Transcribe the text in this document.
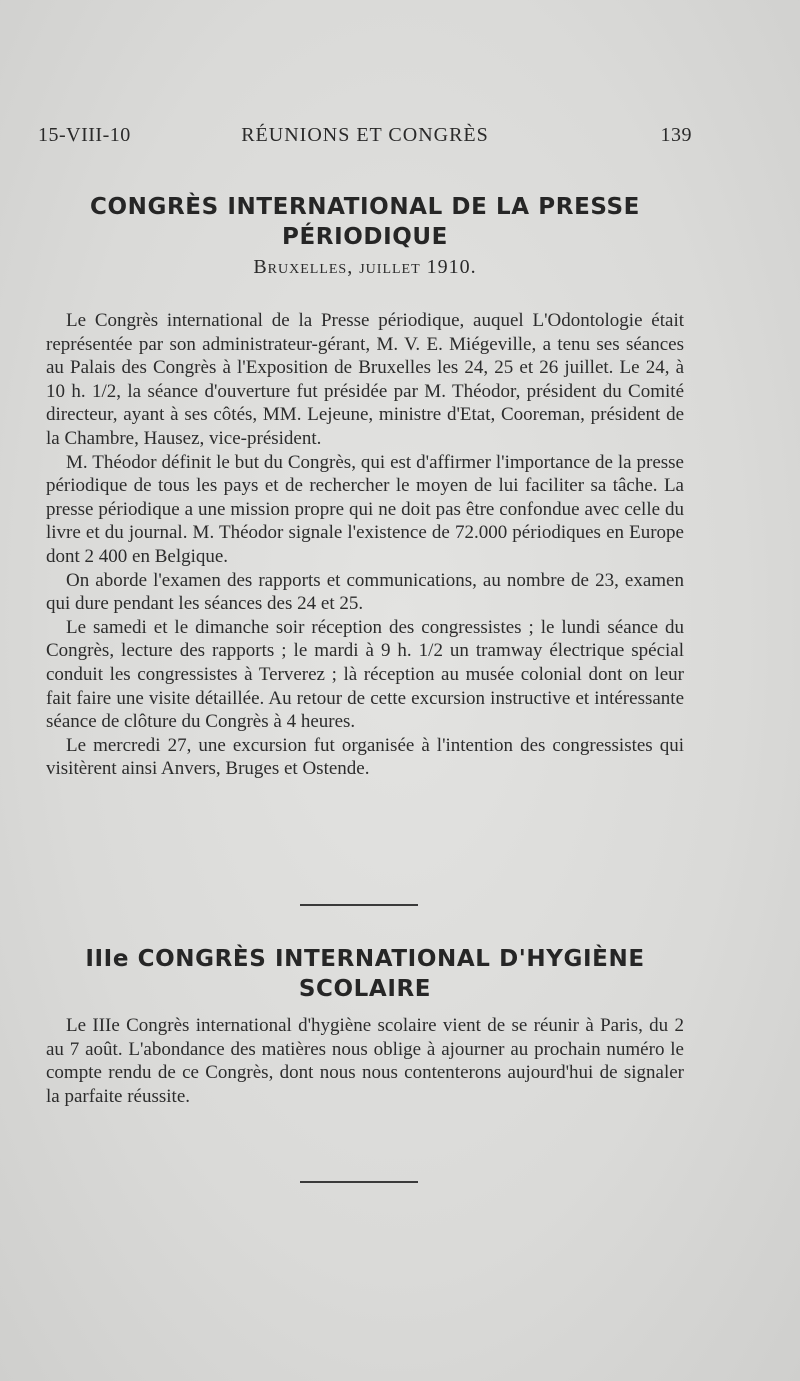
15-VIII-10	RÉUNIONS ET CONGRÈS	139
CONGRÈS INTERNATIONAL DE LA PRESSE
PÉRIODIQUE
Bruxelles, juillet 1910.

Le Congrès international de la Presse périodique, auquel L'Odontologie était représentée par son administrateur-gérant, M. V. E. Miégeville, a tenu ses séances au Palais des Congrès à l'Exposition de Bruxelles les 24, 25 et 26 juillet. Le 24, à 10 h. 1/2, la séance d'ouverture fut présidée par M. Théodor, président du Comité directeur, ayant à ses côtés, MM. Lejeune, ministre d'Etat, Cooreman, président de la Chambre, Hausez, vice-président.

M. Théodor définit le but du Congrès, qui est d'affirmer l'importance de la presse périodique de tous les pays et de rechercher le moyen de lui faciliter sa tâche. La presse périodique a une mission propre qui ne doit pas être confondue avec celle du livre et du journal. M. Théodor signale l'existence de 72.000 périodiques en Europe dont 2 400 en Belgique.

On aborde l'examen des rapports et communications, au nombre de 23, examen qui dure pendant les séances des 24 et 25.

Le samedi et le dimanche soir réception des congressistes ; le lundi séance du Congrès, lecture des rapports ; le mardi à 9 h. 1/2 un tramway électrique spécial conduit les congressistes à Terverez ; là réception au musée colonial dont on leur fait faire une visite détaillée. Au retour de cette excursion instructive et intéressante séance de clôture du Congrès à 4 heures.

Le mercredi 27, une excursion fut organisée à l'intention des congressistes qui visitèrent ainsi Anvers, Bruges et Ostende.

IIIe CONGRÈS INTERNATIONAL D'HYGIÈNE
SCOLAIRE

Le IIIe Congrès international d'hygiène scolaire vient de se réunir à Paris, du 2 au 7 août. L'abondance des matières nous oblige à ajourner au prochain numéro le compte rendu de ce Congrès, dont nous nous contenterons aujourd'hui de signaler la parfaite réussite.
